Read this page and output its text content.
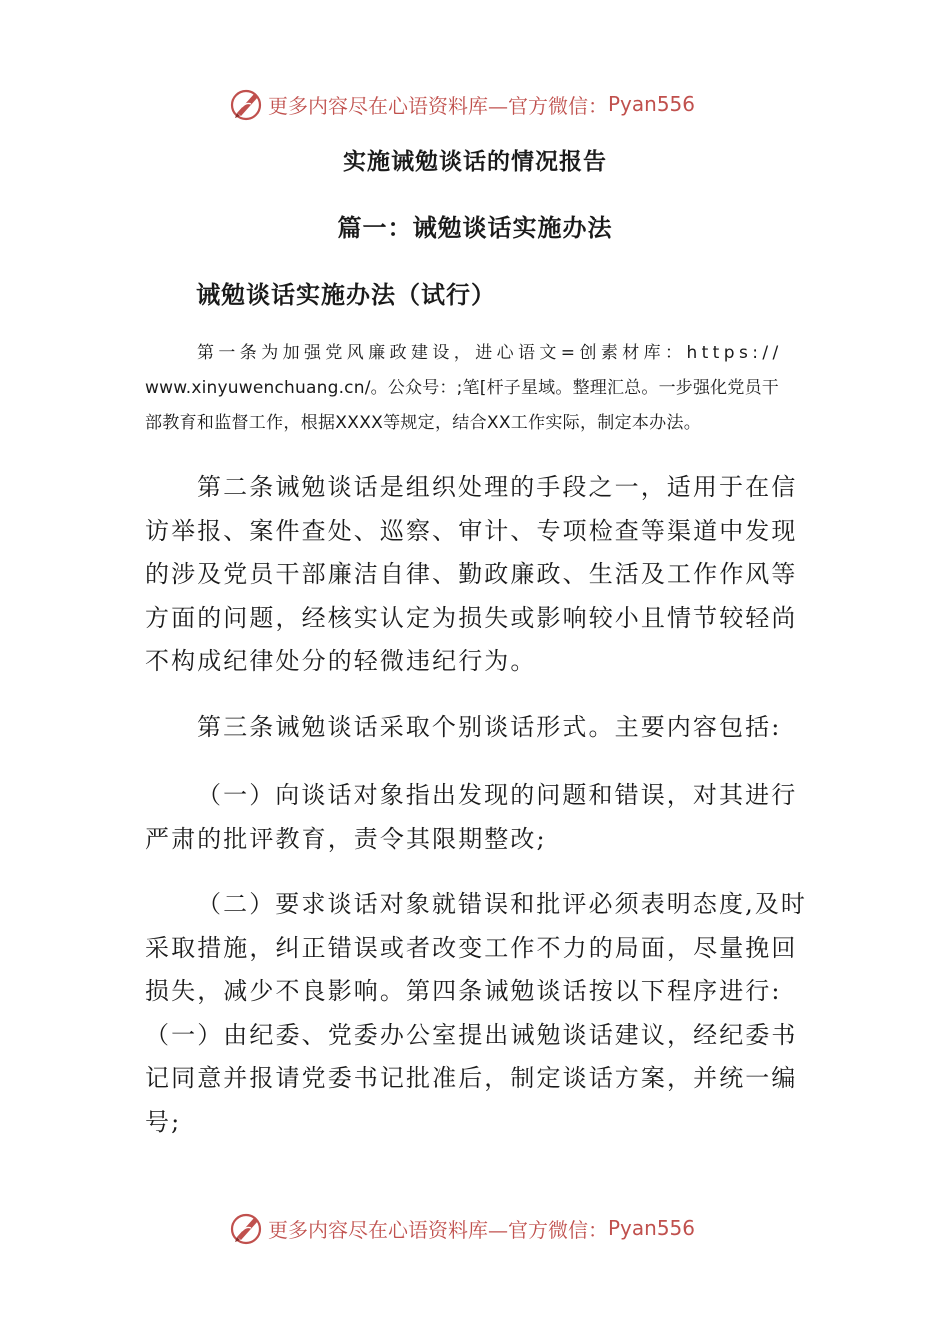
更多内容尽在心语资料库—官方微信： Pyan556
实施诫勉谈话的情况报告
篇一：诫勉谈话实施办法
诫勉谈话实施办法（试行）

第一条为加强党风廉政建设，进心语文=创素材库：https://
www.xinyuwenchuang.cn/。公众号：;笔[杆子星域。整理汇总。一步强化党员干
部教育和监督工作，根据XXXX等规定，结合XX工作实际，制定本办法。

第二条诫勉谈话是组织处理的手段之一，适用于在信
访举报、案件查处、巡察、审计、专项检查等渠道中发现
的涉及党员干部廉洁自律、勤政廉政、生活及工作作风等
方面的问题，经核实认定为损失或影响较小且情节较轻尚
不构成纪律处分的轻微违纪行为。

第三条诫勉谈话采取个别谈话形式。主要内容包括:

（一）向谈话对象指出发现的问题和错误，对其进行
严肃的批评教育，责令其限期整改;

（二）要求谈话对象就错误和批评必须表明态度,及时
采取措施，纠正错误或者改变工作不力的局面，尽量挽回
损失，减少不良影响。第四条诫勉谈话按以下程序进行:
（一）由纪委、党委办公室提出诫勉谈话建议，经纪委书
记同意并报请党委书记批准后，制定谈话方案，并统一编
号;

更多内容尽在心语资料库—官方微信： Pyan556
